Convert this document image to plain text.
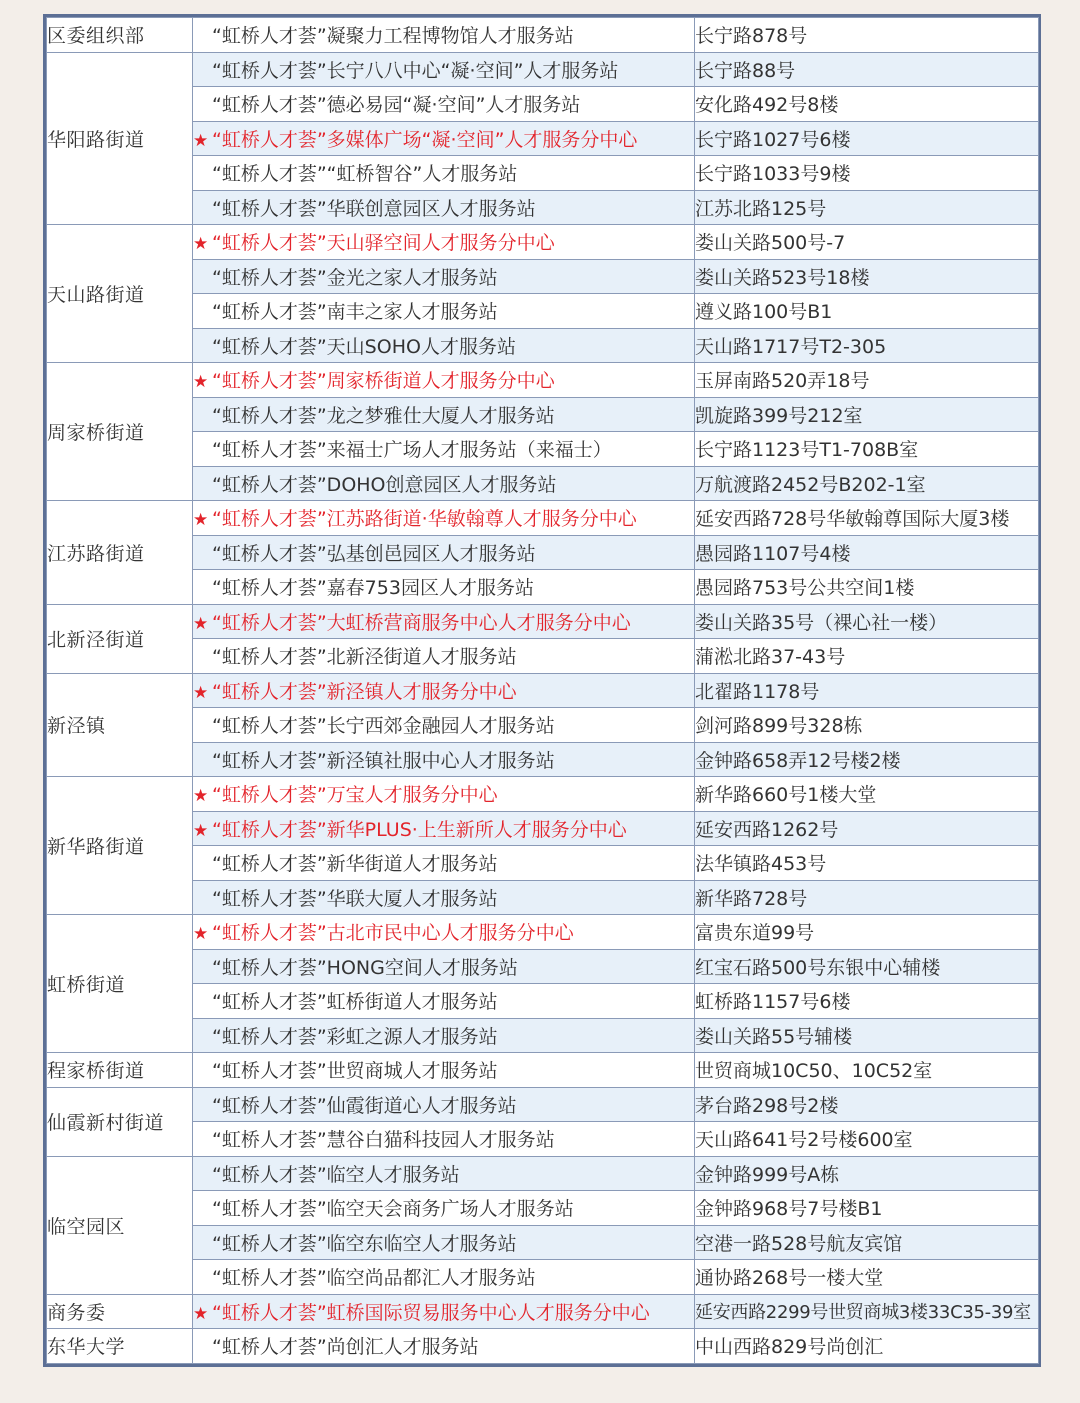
区委组织部	“虹桥人才荟”凝聚力工程博物馆人才服务站	长宁路878号
华阳路街道	“虹桥人才荟”长宁八八中心“凝·空间”人才服务站	长宁路88号
	“虹桥人才荟”德必易园“凝·空间”人才服务站	安化路492号8楼
	★ “虹桥人才荟”多媒体广场“凝·空间”人才服务分中心	长宁路1027号6楼
	“虹桥人才荟”“虹桥智谷”人才服务站	长宁路1033号9楼
	“虹桥人才荟”华联创意园区人才服务站	江苏北路125号
天山路街道	★ “虹桥人才荟”天山驿空间人才服务分中心	娄山关路500号-7
	“虹桥人才荟”金光之家人才服务站	娄山关路523号18楼
	“虹桥人才荟”南丰之家人才服务站	遵义路100号B1
	“虹桥人才荟”天山SOHO人才服务站	天山路1717号T2-305
周家桥街道	★ “虹桥人才荟”周家桥街道人才服务分中心	玉屏南路520弄18号
	“虹桥人才荟”龙之梦雅仕大厦人才服务站	凯旋路399号212室
	“虹桥人才荟”来福士广场人才服务站（来福士）	长宁路1123号T1-708B室
	“虹桥人才荟”DOHO创意园区人才服务站	万航渡路2452号B202-1室
江苏路街道	★ “虹桥人才荟”江苏路街道·华敏翰尊人才服务分中心	延安西路728号华敏翰尊国际大厦3楼
	“虹桥人才荟”弘基创邑园区人才服务站	愚园路1107号4楼
	“虹桥人才荟”嘉春753园区人才服务站	愚园路753号公共空间1楼
北新泾街道	★ “虹桥人才荟”大虹桥营商服务中心人才服务分中心	娄山关路35号（裸心社一楼）
	“虹桥人才荟”北新泾街道人才服务站	蒲淞北路37-43号
新泾镇	★ “虹桥人才荟”新泾镇人才服务分中心	北翟路1178号
	“虹桥人才荟”长宁西郊金融园人才服务站	剑河路899号328栋
	“虹桥人才荟”新泾镇社服中心人才服务站	金钟路658弄12号楼2楼
新华路街道	★ “虹桥人才荟”万宝人才服务分中心	新华路660号1楼大堂
	★ “虹桥人才荟”新华PLUS·上生新所人才服务分中心	延安西路1262号
	“虹桥人才荟”新华街道人才服务站	法华镇路453号
	“虹桥人才荟”华联大厦人才服务站	新华路728号
虹桥街道	★ “虹桥人才荟”古北市民中心人才服务分中心	富贵东道99号
	“虹桥人才荟”HONG空间人才服务站	红宝石路500号东银中心辅楼
	“虹桥人才荟”虹桥街道人才服务站	虹桥路1157号6楼
	“虹桥人才荟”彩虹之源人才服务站	娄山关路55号辅楼
程家桥街道	“虹桥人才荟”世贸商城人才服务站	世贸商城10C50、10C52室
仙霞新村街道	“虹桥人才荟”仙霞街道心人才服务站	茅台路298号2楼
	“虹桥人才荟”慧谷白猫科技园人才服务站	天山路641号2号楼600室
临空园区	“虹桥人才荟”临空人才服务站	金钟路999号A栋
	“虹桥人才荟”临空天会商务广场人才服务站	金钟路968号7号楼B1
	“虹桥人才荟”临空东临空人才服务站	空港一路528号航友宾馆
	“虹桥人才荟”临空尚品都汇人才服务站	通协路268号一楼大堂
商务委	★ “虹桥人才荟”虹桥国际贸易服务中心人才服务分中心	延安西路2299号世贸商城3楼33C35-39室
东华大学	“虹桥人才荟”尚创汇人才服务站	中山西路829号尚创汇
